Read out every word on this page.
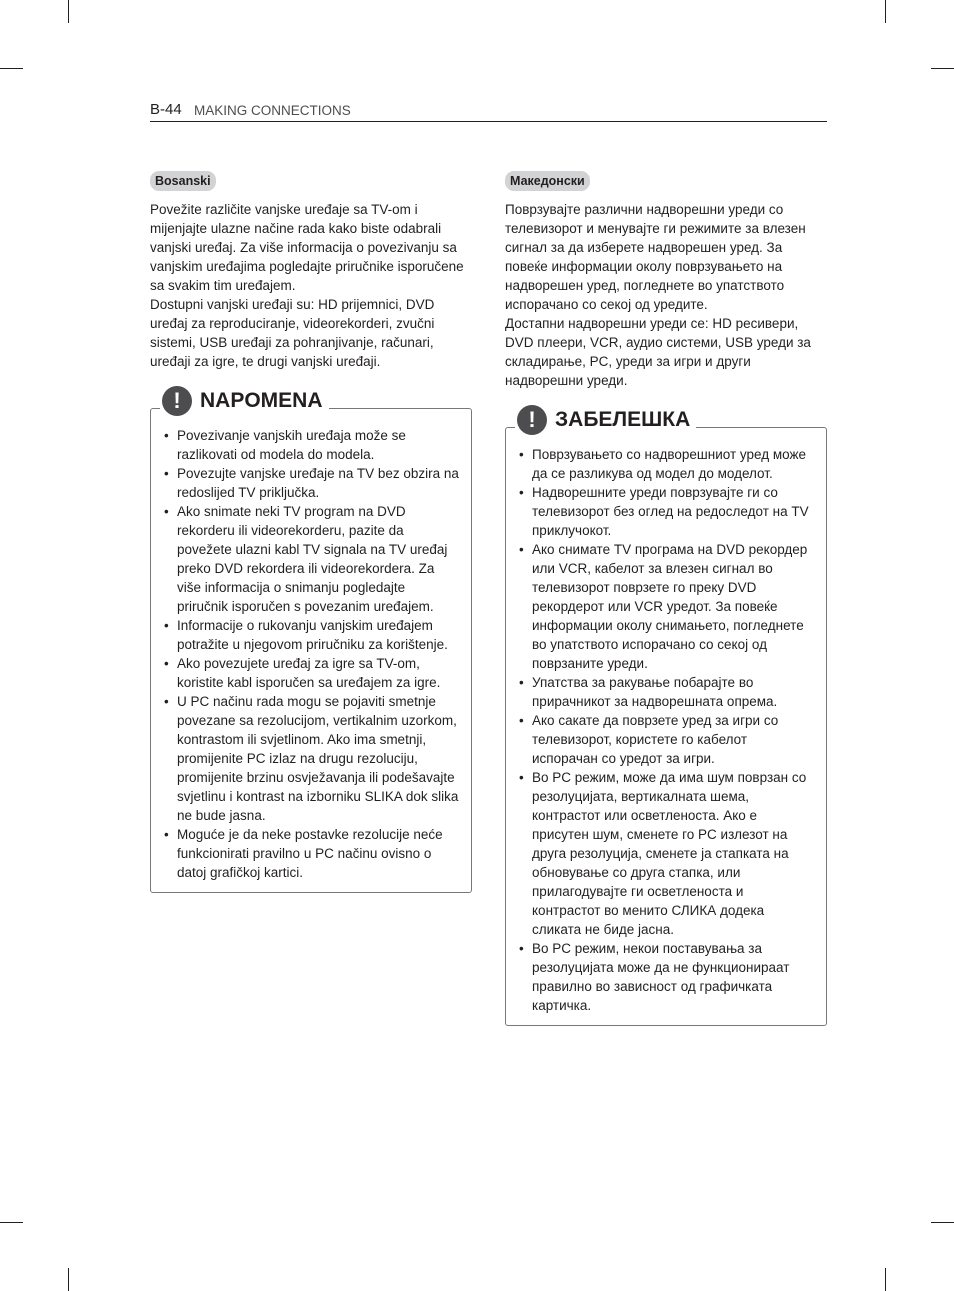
B-44 MAKING CONNECTIONS
Bosanski

Povežite različite vanjske uređaje sa TV-om i mijenjajte ulazne načine rada kako biste odabrali vanjski uređaj. Za više informacija o povezivanju sa vanjskim uređajima pogledajte priručnike isporučene sa svakim tim uređajem.

Dostupni vanjski uređaji su: HD prijemnici, DVD uređaj za reproduciranje, videorekorderi, zvučni sistemi, USB uređaji za pohranjivanje, računari, uređaji za igre, te drugi vanjski uređaji.

! NAPOMENA
• Povezivanje vanjskih uređaja može se razlikovati od modela do modela.
• Povezujte vanjske uređaje na TV bez obzira na redoslijed TV priključka.
• Ako snimate neki TV program na DVD rekorderu ili videorekorderu, pazite da povežete ulazni kabl TV signala na TV uređaj preko DVD rekordera ili videorekordera. Za više informacija o snimanju pogledajte priručnik isporučen s povezanim uređajem.
• Informacije o rukovanju vanjskim uređajem potražite u njegovom priručniku za korištenje.
• Ako povezujete uređaj za igre sa TV-om, koristite kabl isporučen sa uređajem za igre.
• U PC načinu rada mogu se pojaviti smetnje povezane sa rezolucijom, vertikalnim uzorkom, kontrastom ili svjetlinom. Ako ima smetnji, promijenite PC izlaz na drugu rezoluciju, promijenite brzinu osvježavanja ili podešavajte svjetlinu i kontrast na izborniku SLIKA dok slika ne bude jasna.
• Moguće je da neke postavke rezolucije neće funkcionirati pravilno u PC načinu ovisno o datoj grafičkoj kartici.
Македонски

Поврзувајте различни надворешни уреди со телевизорот и менувајте ги режимите за влезен сигнал за да изберете надворешен уред. За повеќе информации околу поврзувањето на надворешен уред, погледнете во упатството испорачано со секој од уредите.

Достапни надворешни уреди се: HD ресивери, DVD плеери, VCR, аудио системи, USB уреди за складирање, PC, уреди за игри и други надворешни уреди.

! ЗАБЕЛЕШКА
• Поврзувањето со надворешниот уред може да се разликува од модел до моделот.
• Надворешните уреди поврзувајте ги со телевизорот без оглед на редоследот на ТV приклучокот.
• Ако снимате ТV програма на DVD рекордер или VCR, кабелот за влезен сигнал во телевизорот поврзете го преку DVD рекордерот или VCR уредот. За повеќе информации околу снимањето, погледнете во упатството испорачано со секој од поврзаните уреди.
• Упатства за ракување побарајте во прирачникот за надворешната опрема.
• Ако сакате да поврзете уред за игри со телевизорот, користете го кабелот испорачан со уредот за игри.
• Во PC режим, може да има шум поврзан со резолуцијата, вертикалната шема, контрастот или осветленоста. Ако е присутен шум, сменете го PC излезот на друга резолуција, сменете ја стапката на обновување со друга стапка, или прилагодувајте ги осветленоста и контрастот во менито СЛИКА додека сликата не биде јасна.
• Во PC режим, некои поставувања за резолуцијата може да не функционираат правилно во зависност од графичката картичка.
